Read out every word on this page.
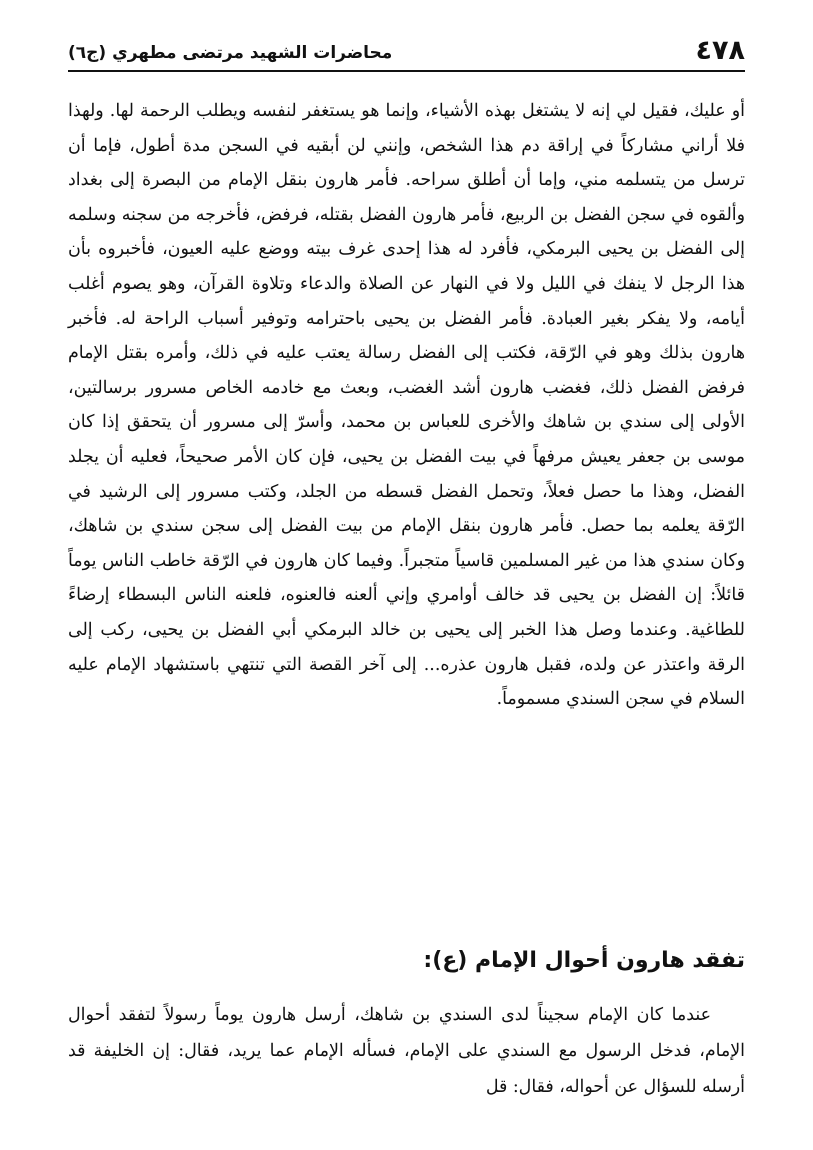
٤٧٨
محاضرات الشهيد مرتضى مطهري (ج٦)

أو عليك، فقيل لي إنه لا يشتغل بهذه الأشياء، وإنما هو يستغفر لنفسه ويطلب الرحمة لها. ولهذا فلا أراني مشاركاً في إراقة دم هذا الشخص، وإنني لن أبقيه في السجن مدة أطول، فإما أن ترسل من يتسلمه مني، وإما أن أطلق سراحه. فأمر هارون بنقل الإمام من البصرة إلى بغداد وألقوه في سجن الفضل بن الربيع، فأمر هارون الفضل بقتله، فرفض، فأخرجه من سجنه وسلمه إلى الفضل بن يحيى البرمكي، فأفرد له هذا إحدى غرف بيته ووضع عليه العيون، فأخبروه بأن هذا الرجل لا ينفك في الليل ولا في النهار عن الصلاة والدعاء وتلاوة القرآن، وهو يصوم أغلب أيامه، ولا يفكر بغير العبادة. فأمر الفضل بن يحيى باحترامه وتوفير أسباب الراحة له. فأخبر هارون بذلك وهو في الرّقة، فكتب إلى الفضل رسالة يعتب عليه في ذلك، وأمره بقتل الإمام فرفض الفضل ذلك، فغضب هارون أشد الغضب، وبعث مع خادمه الخاص مسرور برسالتين، الأولى إلى سندي بن شاهك والأخرى للعباس بن محمد، وأسرّ إلى مسرور أن يتحقق إذا كان موسى بن جعفر يعيش مرفهاً في بيت الفضل بن يحيى، فإن كان الأمر صحيحاً، فعليه أن يجلد الفضل، وهذا ما حصل فعلاً، وتحمل الفضل قسطه من الجلد، وكتب مسرور إلى الرشيد في الرّقة يعلمه بما حصل. فأمر هارون بنقل الإمام من بيت الفضل إلى سجن سندي بن شاهك، وكان سندي هذا من غير المسلمين قاسياً متجبراً. وفيما كان هارون في الرّقة خاطب الناس يوماً قائلاً: إن الفضل بن يحيى قد خالف أوامري وإني ألعنه فالعنوه، فلعنه الناس البسطاء إرضاءً للطاغية. وعندما وصل هذا الخبر إلى يحيى بن خالد البرمكي أبي الفضل بن يحيى، ركب إلى الرقة واعتذر عن ولده، فقبل هارون عذره... إلى آخر القصة التي تنتهي باستشهاد الإمام عليه السلام في سجن السندي مسموماً.

تفقد هارون أحوال الإمام (ع):

عندما كان الإمام سجيناً لدى السندي بن شاهك، أرسل هارون يوماً رسولاً لتفقد أحوال الإمام، فدخل الرسول مع السندي على الإمام، فسأله الإمام عما يريد، فقال: إن الخليفة قد أرسله للسؤال عن أحواله، فقال: قل
